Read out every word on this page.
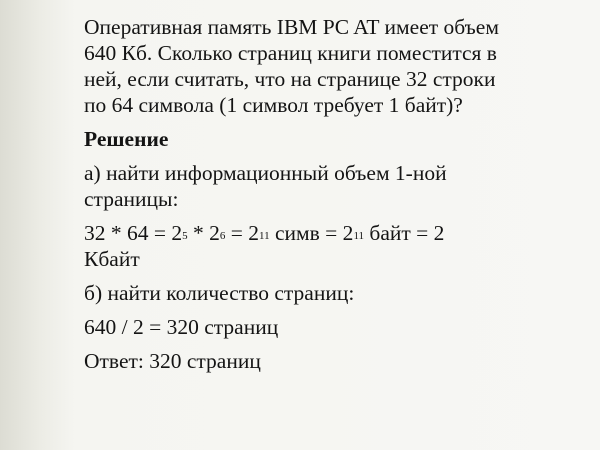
Оперативная память IBM PC AT имеет объем
640 Кб. Сколько страниц книги поместится в
ней, если считать, что на странице 32 строки
по 64 символа (1 символ требует 1 байт)?
Решение
а) найти информационный объем 1-ной
страницы:
$32 * 64 = 2^5 * 2^6 = 2^{11}$ симв = $2^{11}$ байт = 2
Кбайт
б) найти количество страниц:
640 / 2 = 320 страниц
Ответ: 320 страниц
